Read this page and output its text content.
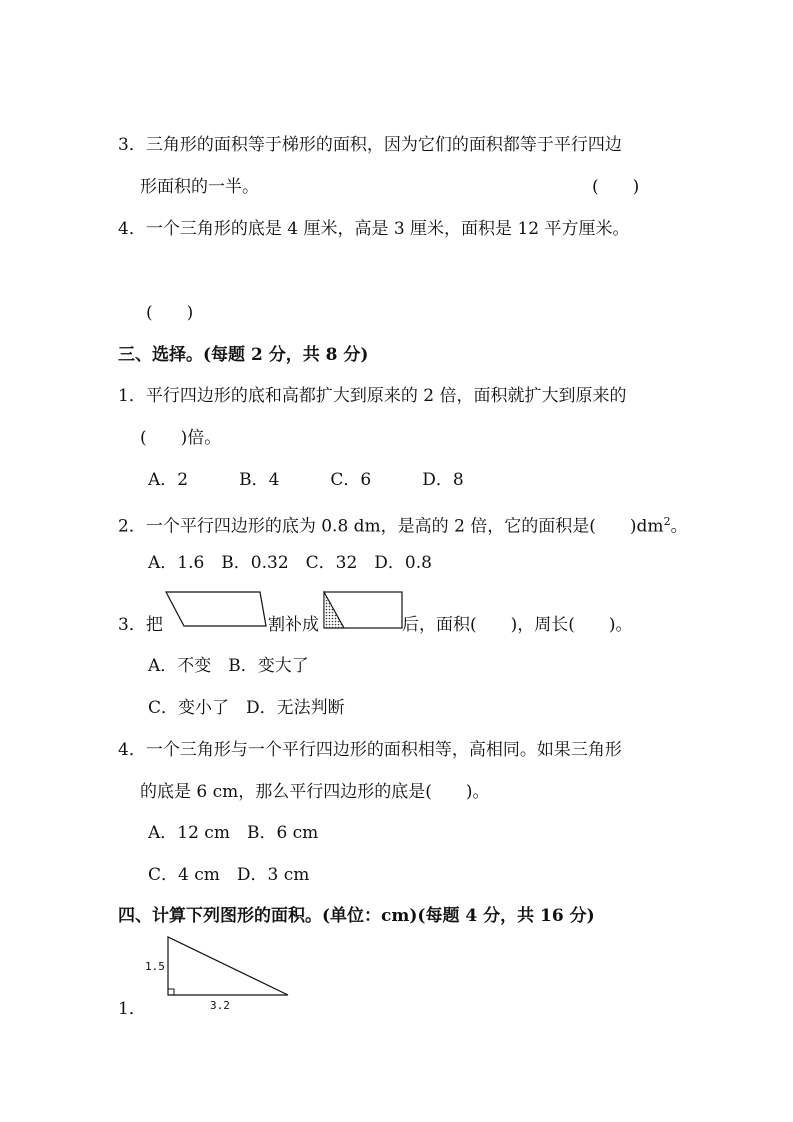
3．三角形的面积等于梯形的面积，因为它们的面积都等于平行四边
形面积的一半。	(　　)
4．一个三角形的底是 4 厘米，高是 3 厘米，面积是 12 平方厘米。
(　　)
三、选择。(每题 2 分，共 8 分)
1．平行四边形的底和高都扩大到原来的 2 倍，面积就扩大到原来的
(　　)倍。
A．2　　　B．4　　　C．6　　　D．8
2．一个平行四边形的底为 0.8 dm，是高的 2 倍，它的面积是(　　)$dm^2$。
A．1.6　B．0.32　C．32　D．0.8
3．把	割补成	后，面积(　　)，周长(　　)。
A．不变　B．变大了
C．变小了　D．无法判断
4．一个三角形与一个平行四边形的面积相等，高相同。如果三角形
的底是 6 cm，那么平行四边形的底是(　　)。
A．12 cm　B．6 cm
C．4 cm　D．3 cm
四、计算下列图形的面积。(单位：cm)(每题 4 分，共 16 分)
1.5
3.2
1．
